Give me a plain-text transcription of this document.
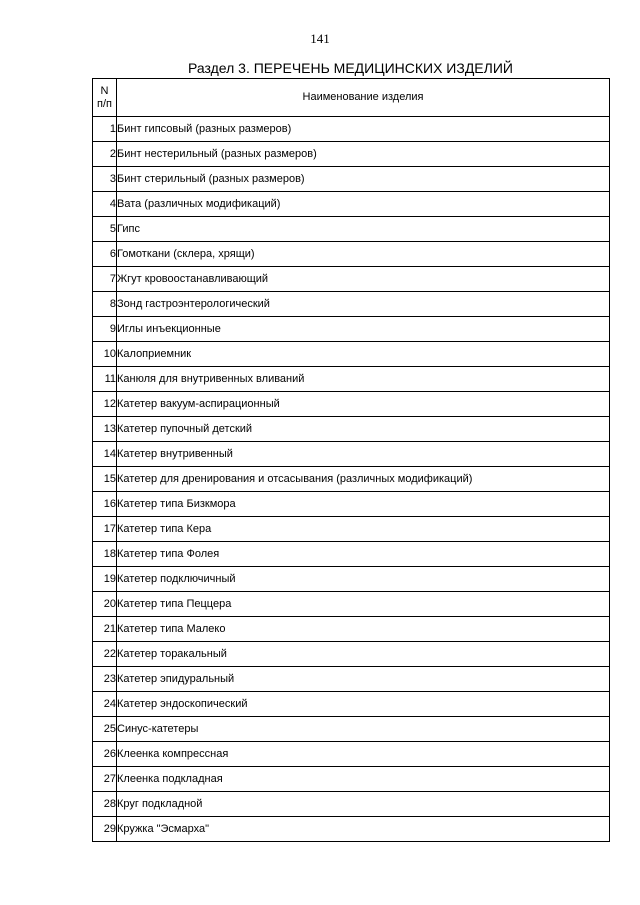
141
Раздел 3. ПЕРЕЧЕНЬ МЕДИЦИНСКИХ ИЗДЕЛИЙ
N
п/п	Наименование изделия
1	Бинт гипсовый (разных размеров)
2	Бинт нестерильный (разных размеров)
3	Бинт стерильный (разных размеров)
4	Вата (различных модификаций)
5	Гипс
6	Гомоткани (склера, хрящи)
7	Жгут кровоостанавливающий
8	Зонд гастроэнтерологический
9	Иглы инъекционные
10	Калоприемник
11	Канюля для внутривенных вливаний
12	Катетер вакуум-аспирационный
13	Катетер пупочный детский
14	Катетер внутривенный
15	Катетер для дренирования и отсасывания (различных модификаций)
16	Катетер типа Бизкмора
17	Катетер типа Кера
18	Катетер типа Фолея
19	Катетер подключичный
20	Катетер типа Пеццера
21	Катетер типа Малеко
22	Катетер торакальный
23	Катетер эпидуральный
24	Катетер эндоскопический
25	Синус-катетеры
26	Клеенка компрессная
27	Клеенка подкладная
28	Круг подкладной
29	Кружка "Эсмарха"
